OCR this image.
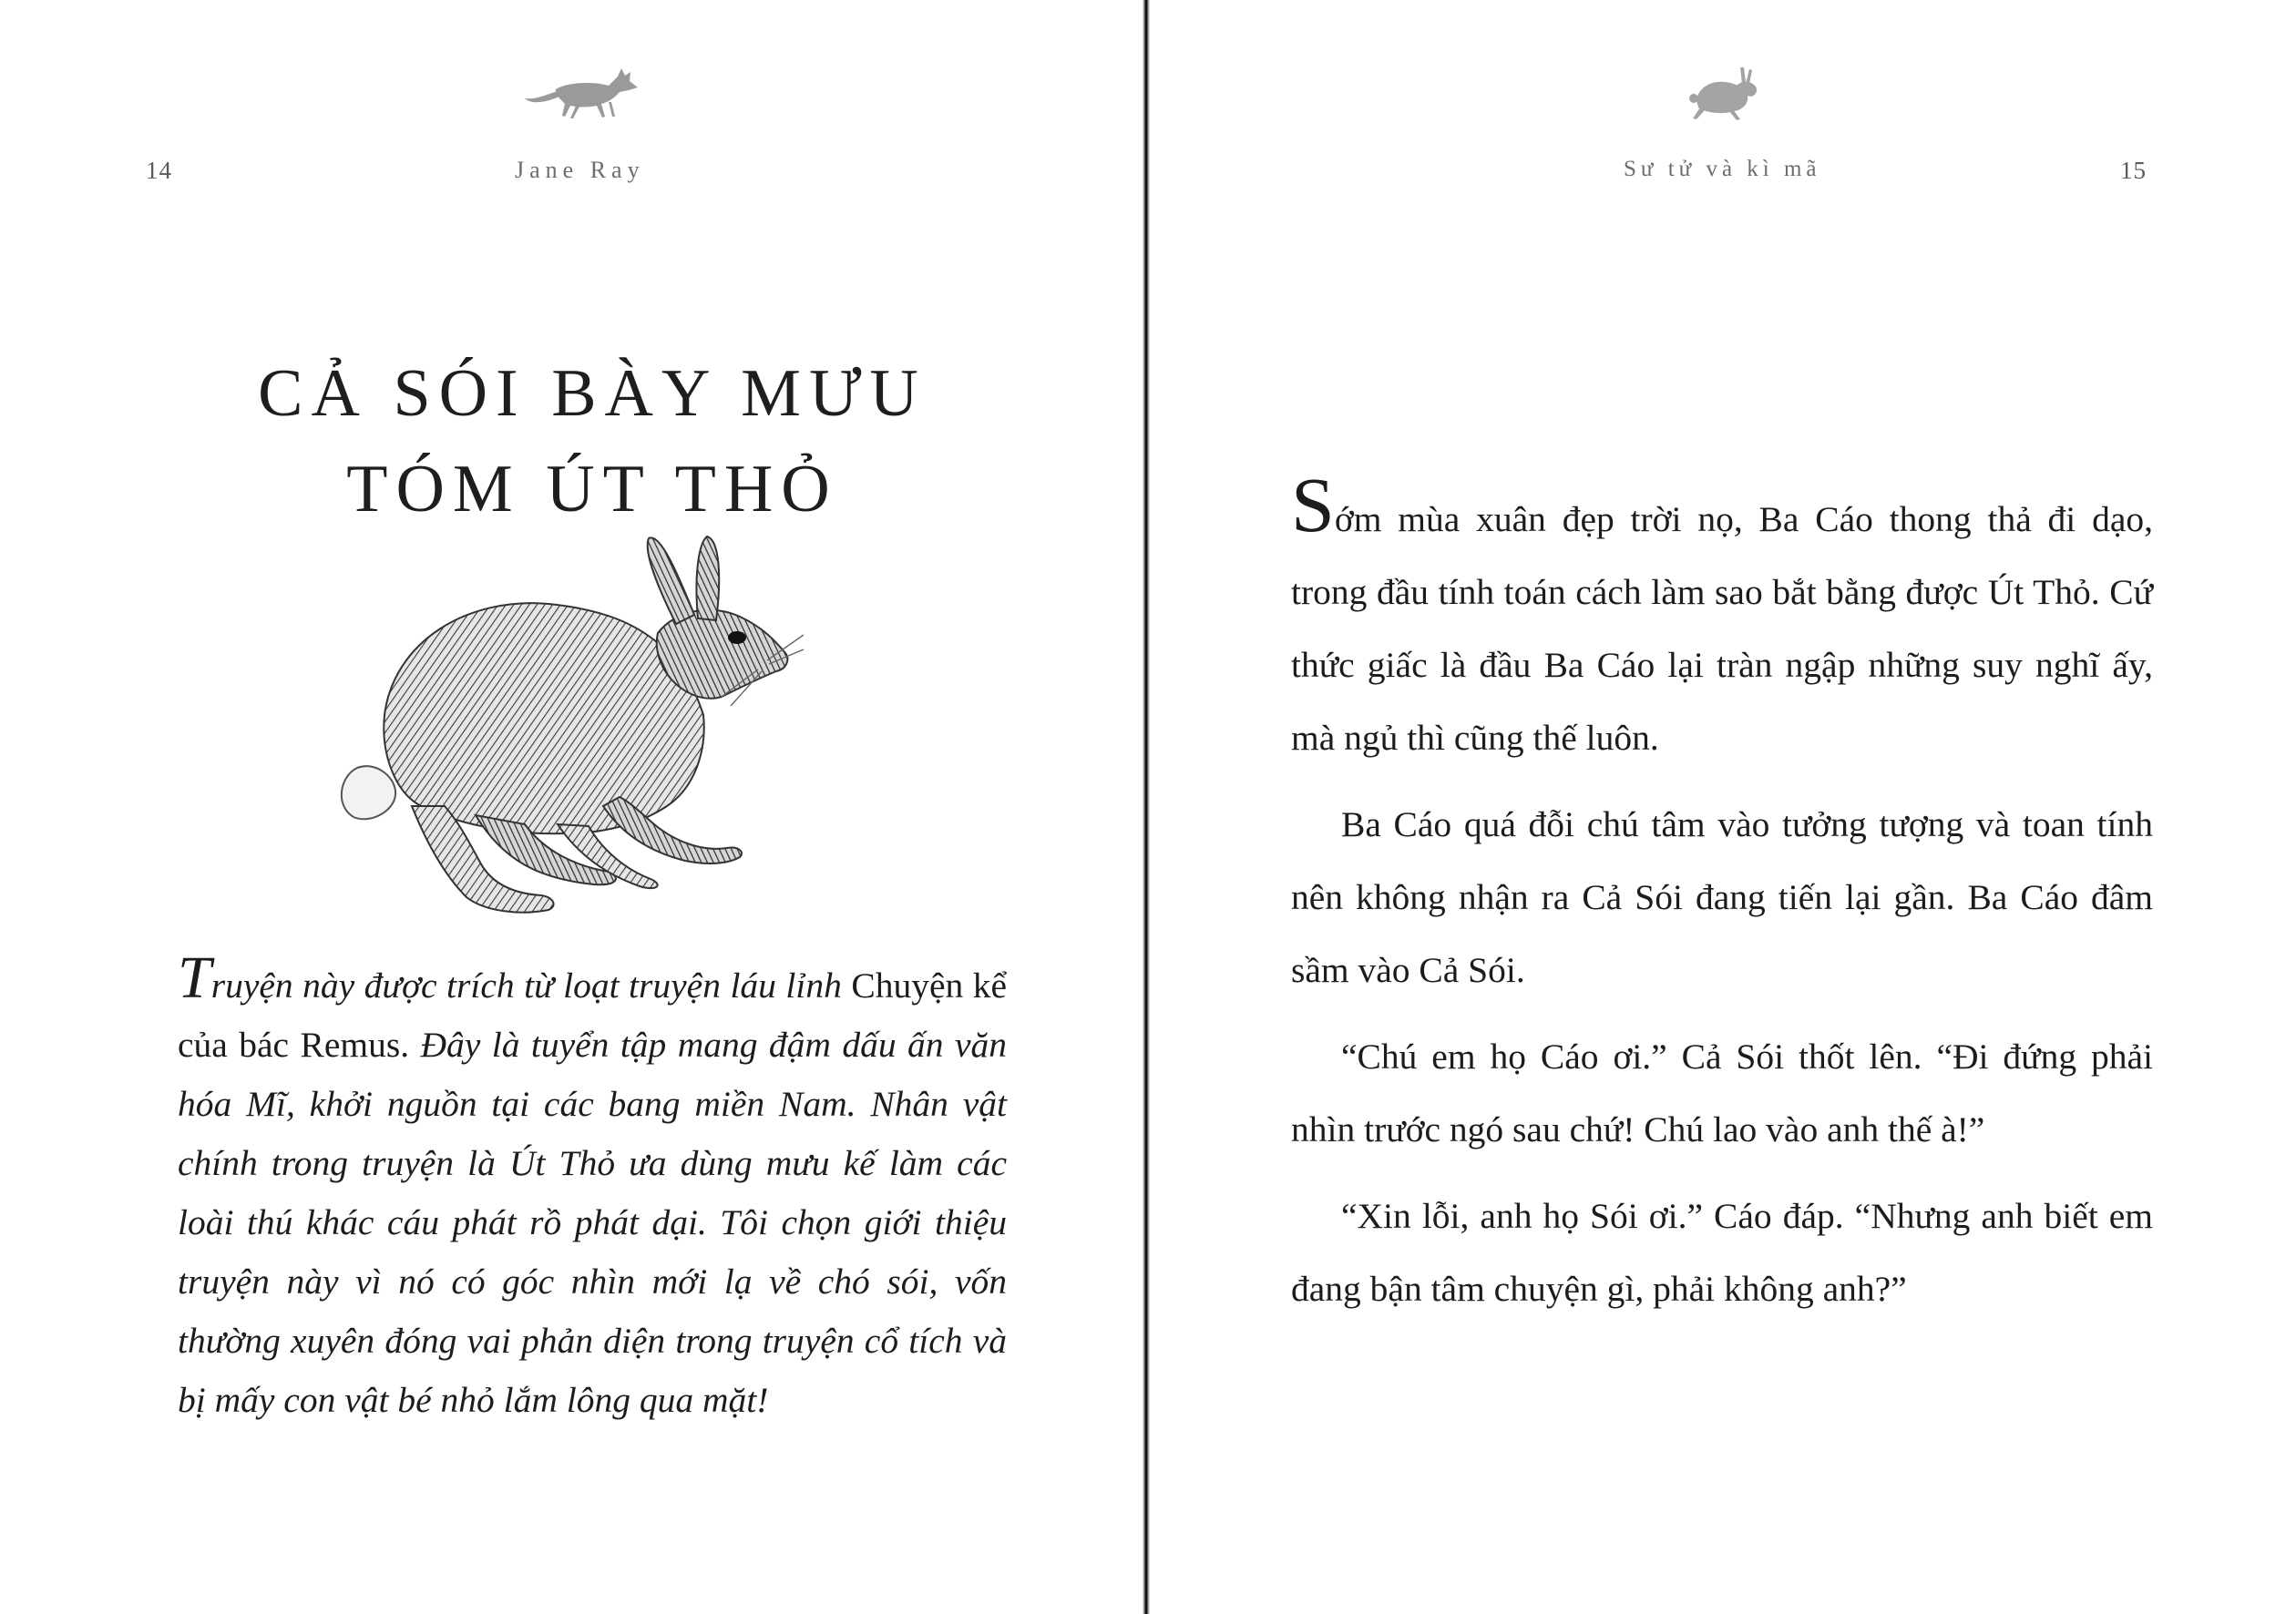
Jane Ray
14
CẢ SÓI BÀY MƯU
TÓM ÚT THỎ
Truyện này được trích từ loạt truyện láu lỉnh Chuyện kể của bác Remus. Đây là tuyển tập mang đậm dấu ấn văn hóa Mĩ, khởi nguồn tại các bang miền Nam. Nhân vật chính trong truyện là Út Thỏ ưa dùng mưu kế làm các loài thú khác cáu phát rồ phát dại. Tôi chọn giới thiệu truyện này vì nó có góc nhìn mới lạ về chó sói, vốn thường xuyên đóng vai phản diện trong truyện cổ tích và bị mấy con vật bé nhỏ lắm lông qua mặt!
Sư tử và kì mã	15

Sớm mùa xuân đẹp trời nọ, Ba Cáo thong thả đi dạo, trong đầu tính toán cách làm sao bắt bằng được Út Thỏ. Cứ thức giấc là đầu Ba Cáo lại tràn ngập những suy nghĩ ấy, mà ngủ thì cũng thế luôn.

Ba Cáo quá đỗi chú tâm vào tưởng tượng và toan tính nên không nhận ra Cả Sói đang tiến lại gần. Ba Cáo đâm sầm vào Cả Sói.

“Chú em họ Cáo ơi.” Cả Sói thốt lên. “Đi đứng phải nhìn trước ngó sau chứ! Chú lao vào anh thế à!”

“Xin lỗi, anh họ Sói ơi.” Cáo đáp. “Nhưng anh biết em đang bận tâm chuyện gì, phải không anh?”
